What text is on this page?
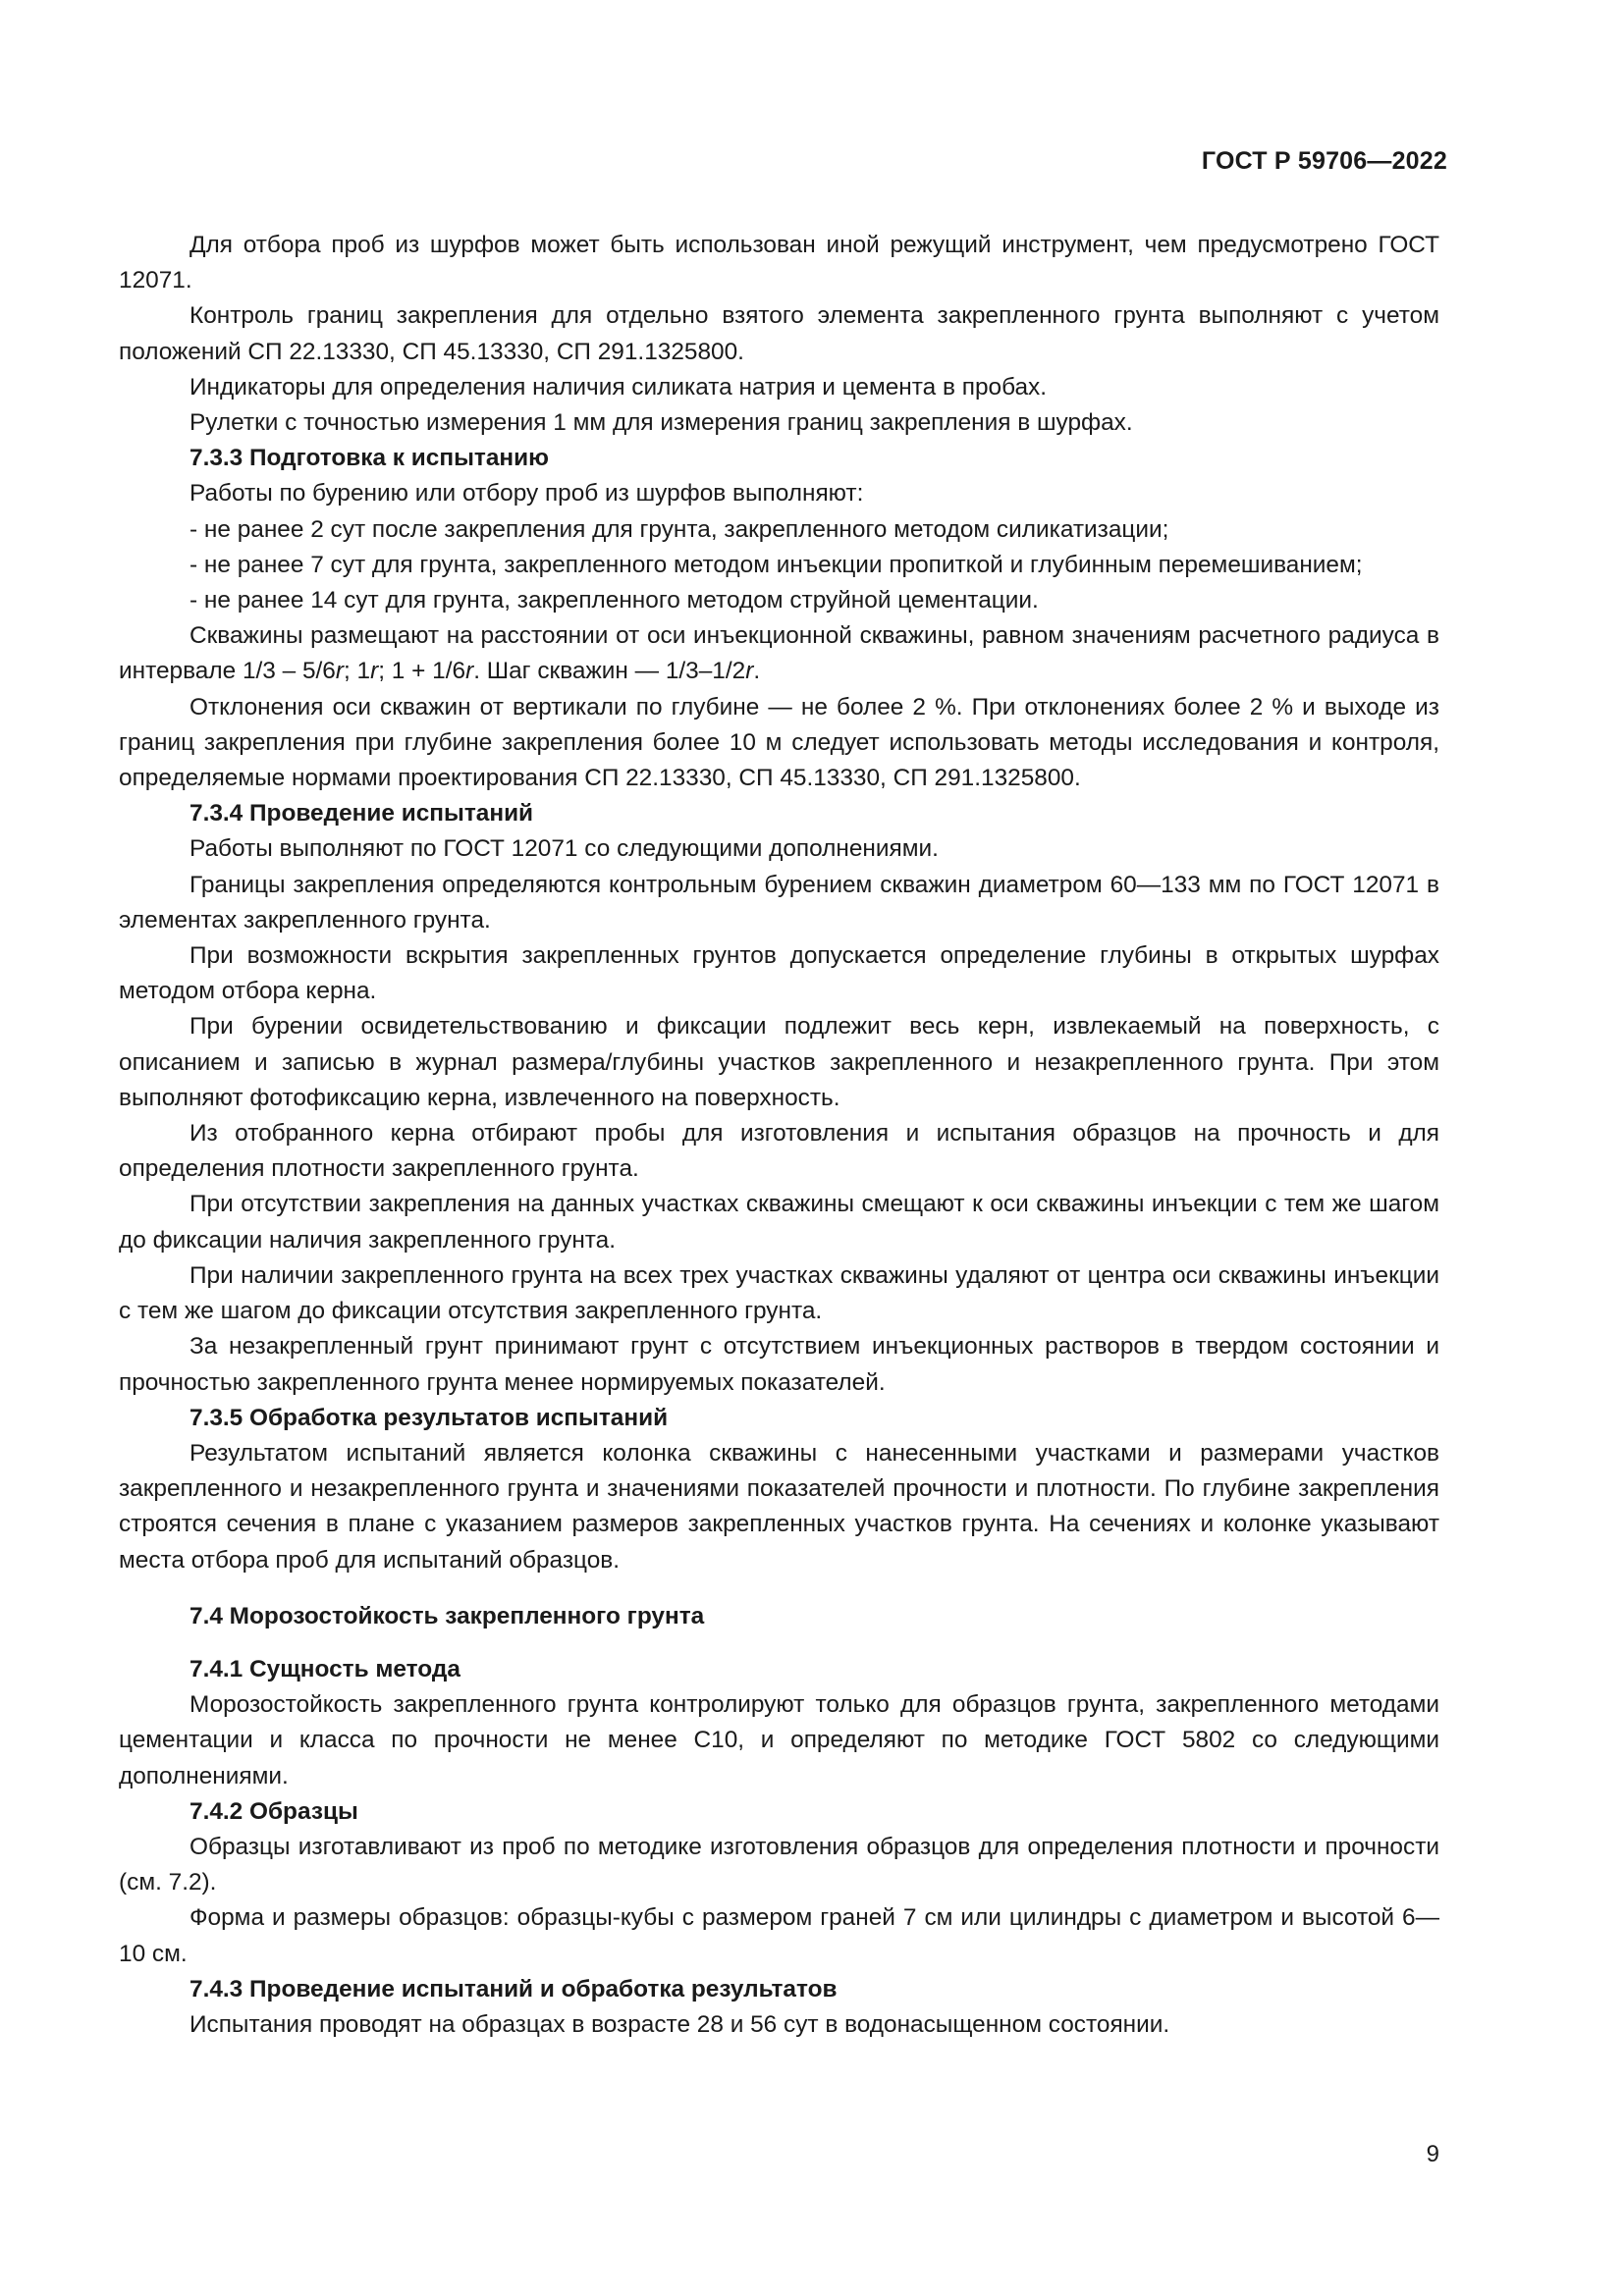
ГОСТ Р 59706—2022

Для отбора проб из шурфов может быть использован иной режущий инструмент, чем предусмотрено ГОСТ 12071.

Контроль границ закрепления для отдельно взятого элемента закрепленного грунта выполняют с учетом положений СП 22.13330, СП 45.13330, СП 291.1325800.

Индикаторы для определения наличия силиката натрия и цемента в пробах.

Рулетки с точностью измерения 1 мм для измерения границ закрепления в шурфах.

7.3.3 Подготовка к испытанию

Работы по бурению или отбору проб из шурфов выполняют:

- не ранее 2 сут после закрепления для грунта, закрепленного методом силикатизации;

- не ранее 7 сут для грунта, закрепленного методом инъекции пропиткой и глубинным перемешиванием;

- не ранее 14 сут для грунта, закрепленного методом струйной цементации.

Скважины размещают на расстоянии от оси инъекционной скважины, равном значениям расчетного радиуса в интервале 1/3 – 5/6r; 1r; 1 + 1/6r. Шаг скважин — 1/3–1/2r.

Отклонения оси скважин от вертикали по глубине — не более 2 %. При отклонениях более 2 % и выходе из границ закрепления при глубине закрепления более 10 м следует использовать методы исследования и контроля, определяемые нормами проектирования СП 22.13330, СП 45.13330, СП 291.1325800.

7.3.4 Проведение испытаний

Работы выполняют по ГОСТ 12071 со следующими дополнениями.

Границы закрепления определяются контрольным бурением скважин диаметром 60—133 мм по ГОСТ 12071 в элементах закрепленного грунта.

При возможности вскрытия закрепленных грунтов допускается определение глубины в открытых шурфах методом отбора керна.

При бурении освидетельствованию и фиксации подлежит весь керн, извлекаемый на поверхность, с описанием и записью в журнал размера/глубины участков закрепленного и незакрепленного грунта. При этом выполняют фотофиксацию керна, извлеченного на поверхность.

Из отобранного керна отбирают пробы для изготовления и испытания образцов на прочность и для определения плотности закрепленного грунта.

При отсутствии закрепления на данных участках скважины смещают к оси скважины инъекции с тем же шагом до фиксации наличия закрепленного грунта.

При наличии закрепленного грунта на всех трех участках скважины удаляют от центра оси скважины инъекции с тем же шагом до фиксации отсутствия закрепленного грунта.

За незакрепленный грунт принимают грунт с отсутствием инъекционных растворов в твердом состоянии и прочностью закрепленного грунта менее нормируемых показателей.

7.3.5 Обработка результатов испытаний

Результатом испытаний является колонка скважины с нанесенными участками и размерами участков закрепленного и незакрепленного грунта и значениями показателей прочности и плотности. По глубине закрепления строятся сечения в плане с указанием размеров закрепленных участков грунта. На сечениях и колонке указывают места отбора проб для испытаний образцов.

7.4 Морозостойкость закрепленного грунта

7.4.1 Сущность метода

Морозостойкость закрепленного грунта контролируют только для образцов грунта, закрепленного методами цементации и класса по прочности не менее C10, и определяют по методике ГОСТ 5802 со следующими дополнениями.

7.4.2 Образцы

Образцы изготавливают из проб по методике изготовления образцов для определения плотности и прочности (см. 7.2).

Форма и размеры образцов: образцы-кубы с размером граней 7 см или цилиндры с диаметром и высотой 6—10 см.

7.4.3 Проведение испытаний и обработка результатов

Испытания проводят на образцах в возрасте 28 и 56 сут в водонасыщенном состоянии.

9
